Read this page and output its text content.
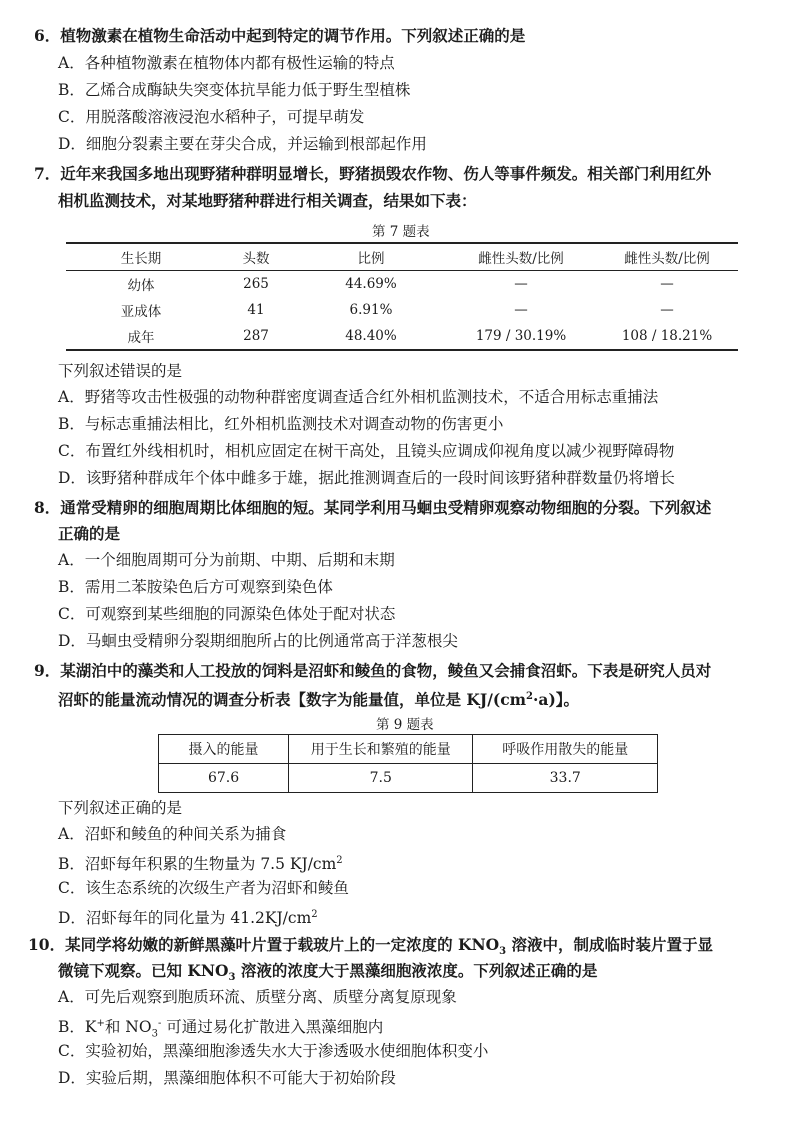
6．植物激素在植物生命活动中起到特定的调节作用。下列叙述正确的是
A．各种植物激素在植物体内都有极性运输的特点
B．乙烯合成酶缺失突变体抗旱能力低于野生型植株
C．用脱落酸溶液浸泡水稻种子，可提早萌发
D．细胞分裂素主要在芽尖合成，并运输到根部起作用
7．近年来我国多地出现野猪种群明显增长，野猪损毁农作物、伤人等事件频发。相关部门利用红外
相机监测技术，对某地野猪种群进行相关调查，结果如下表：
第 7 题表
生长期	头数	比例	雌性头数/比例	雌性头数/比例
幼体	265	44.69%	—	—
亚成体	41	6.91%	—	—
成年	287	48.40%	179 / 30.19%	108 / 18.21%
下列叙述错误的是
A．野猪等攻击性极强的动物种群密度调查适合红外相机监测技术，不适合用标志重捕法
B．与标志重捕法相比，红外相机监测技术对调查动物的伤害更小
C．布置红外线相机时，相机应固定在树干高处，且镜头应调成仰视角度以减少视野障碍物
D．该野猪种群成年个体中雌多于雄，据此推测调查后的一段时间该野猪种群数量仍将增长
8．通常受精卵的细胞周期比体细胞的短。某同学利用马蛔虫受精卵观察动物细胞的分裂。下列叙述
正确的是
A．一个细胞周期可分为前期、中期、后期和末期
B．需用二苯胺染色后方可观察到染色体
C．可观察到某些细胞的同源染色体处于配对状态
D．马蛔虫受精卵分裂期细胞所占的比例通常高于洋葱根尖
9．某湖泊中的藻类和人工投放的饲料是沼虾和鲮鱼的食物，鲮鱼又会捕食沼虾。下表是研究人员对
沼虾的能量流动情况的调查分析表【数字为能量值，单位是 $KJ/(cm^2\cdot a)$】。
第 9 题表
摄入的能量	用于生长和繁殖的能量	呼吸作用散失的能量
67.6	7.5	33.7
下列叙述正确的是
A．沼虾和鲮鱼的种间关系为捕食
B．沼虾每年积累的生物量为 7.5 $KJ/cm^2$
C．该生态系统的次级生产者为沼虾和鲮鱼
D．沼虾每年的同化量为 $41.2KJ/cm^2$
10．某同学将幼嫩的新鲜黑藻叶片置于载玻片上的一定浓度的 $KNO_3$ 溶液中，制成临时装片置于显
微镜下观察。已知 $KNO_3$ 溶液的浓度大于黑藻细胞液浓度。下列叙述正确的是
A．可先后观察到胞质环流、质壁分离、质壁分离复原现象
B．K+和 $NO_3^-$ 可通过易化扩散进入黑藻细胞内
C．实验初始，黑藻细胞渗透失水大于渗透吸水使细胞体积变小
D．实验后期，黑藻细胞体积不可能大于初始阶段
